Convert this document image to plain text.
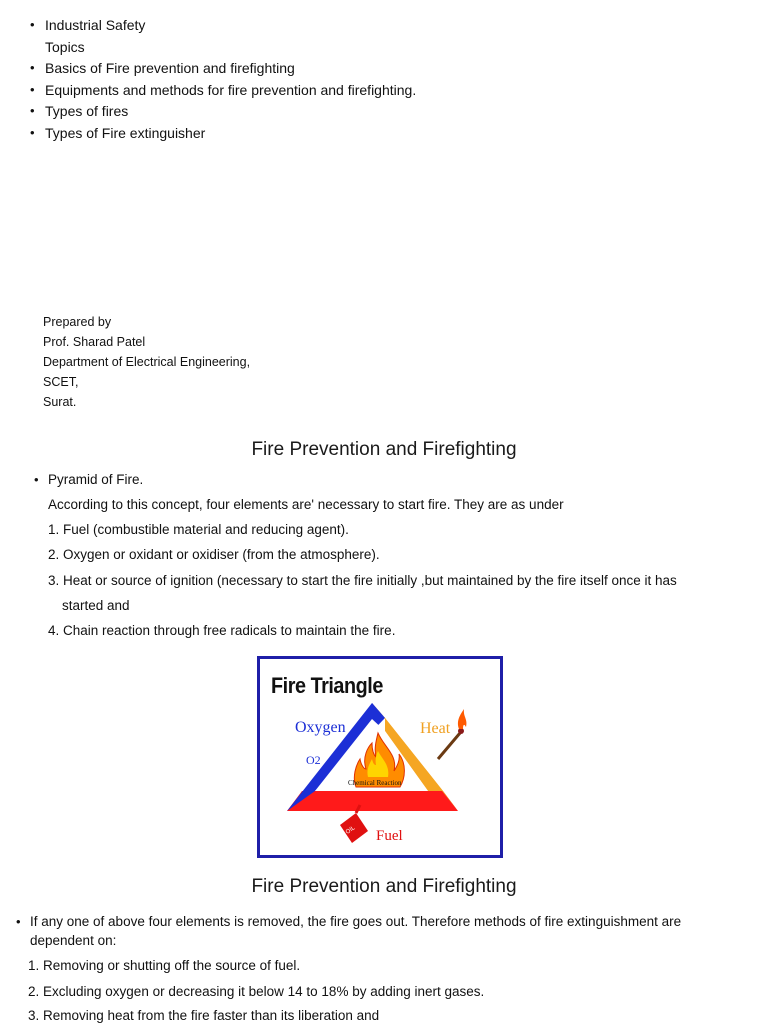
• Industrial Safety
Topics
• Basics of Fire prevention and firefighting
• Equipments and methods for fire prevention and firefighting.
• Types of fires
• Types of Fire extinguisher
Prepared by
Prof. Sharad Patel
Department of Electrical Engineering,
SCET,
Surat.
Fire Prevention and Firefighting
• Pyramid of Fire.
According to this concept, four elements are' necessary to start fire. They are as under
1. Fuel (combustible material and reducing agent).
2. Oxygen or oxidant or oxidiser (from the atmosphere).
3. Heat or source of ignition (necessary to start the fire initially ,but maintained by the fire itself once it has
started and
4. Chain reaction through free radicals to maintain the fire.
Fire Triangle
OIL
Oxygen
O2
Heat
Chemical Reaction
Fuel
Fire Prevention and Firefighting
• If any one of above four elements is removed, the fire goes out. Therefore methods of fire extinguishment are
dependent on:
1. Removing or shutting off the source of fuel.
2. Excluding oxygen or decreasing it below 14 to 18% by adding inert gases.
3. Removing heat from the fire faster than its liberation and
